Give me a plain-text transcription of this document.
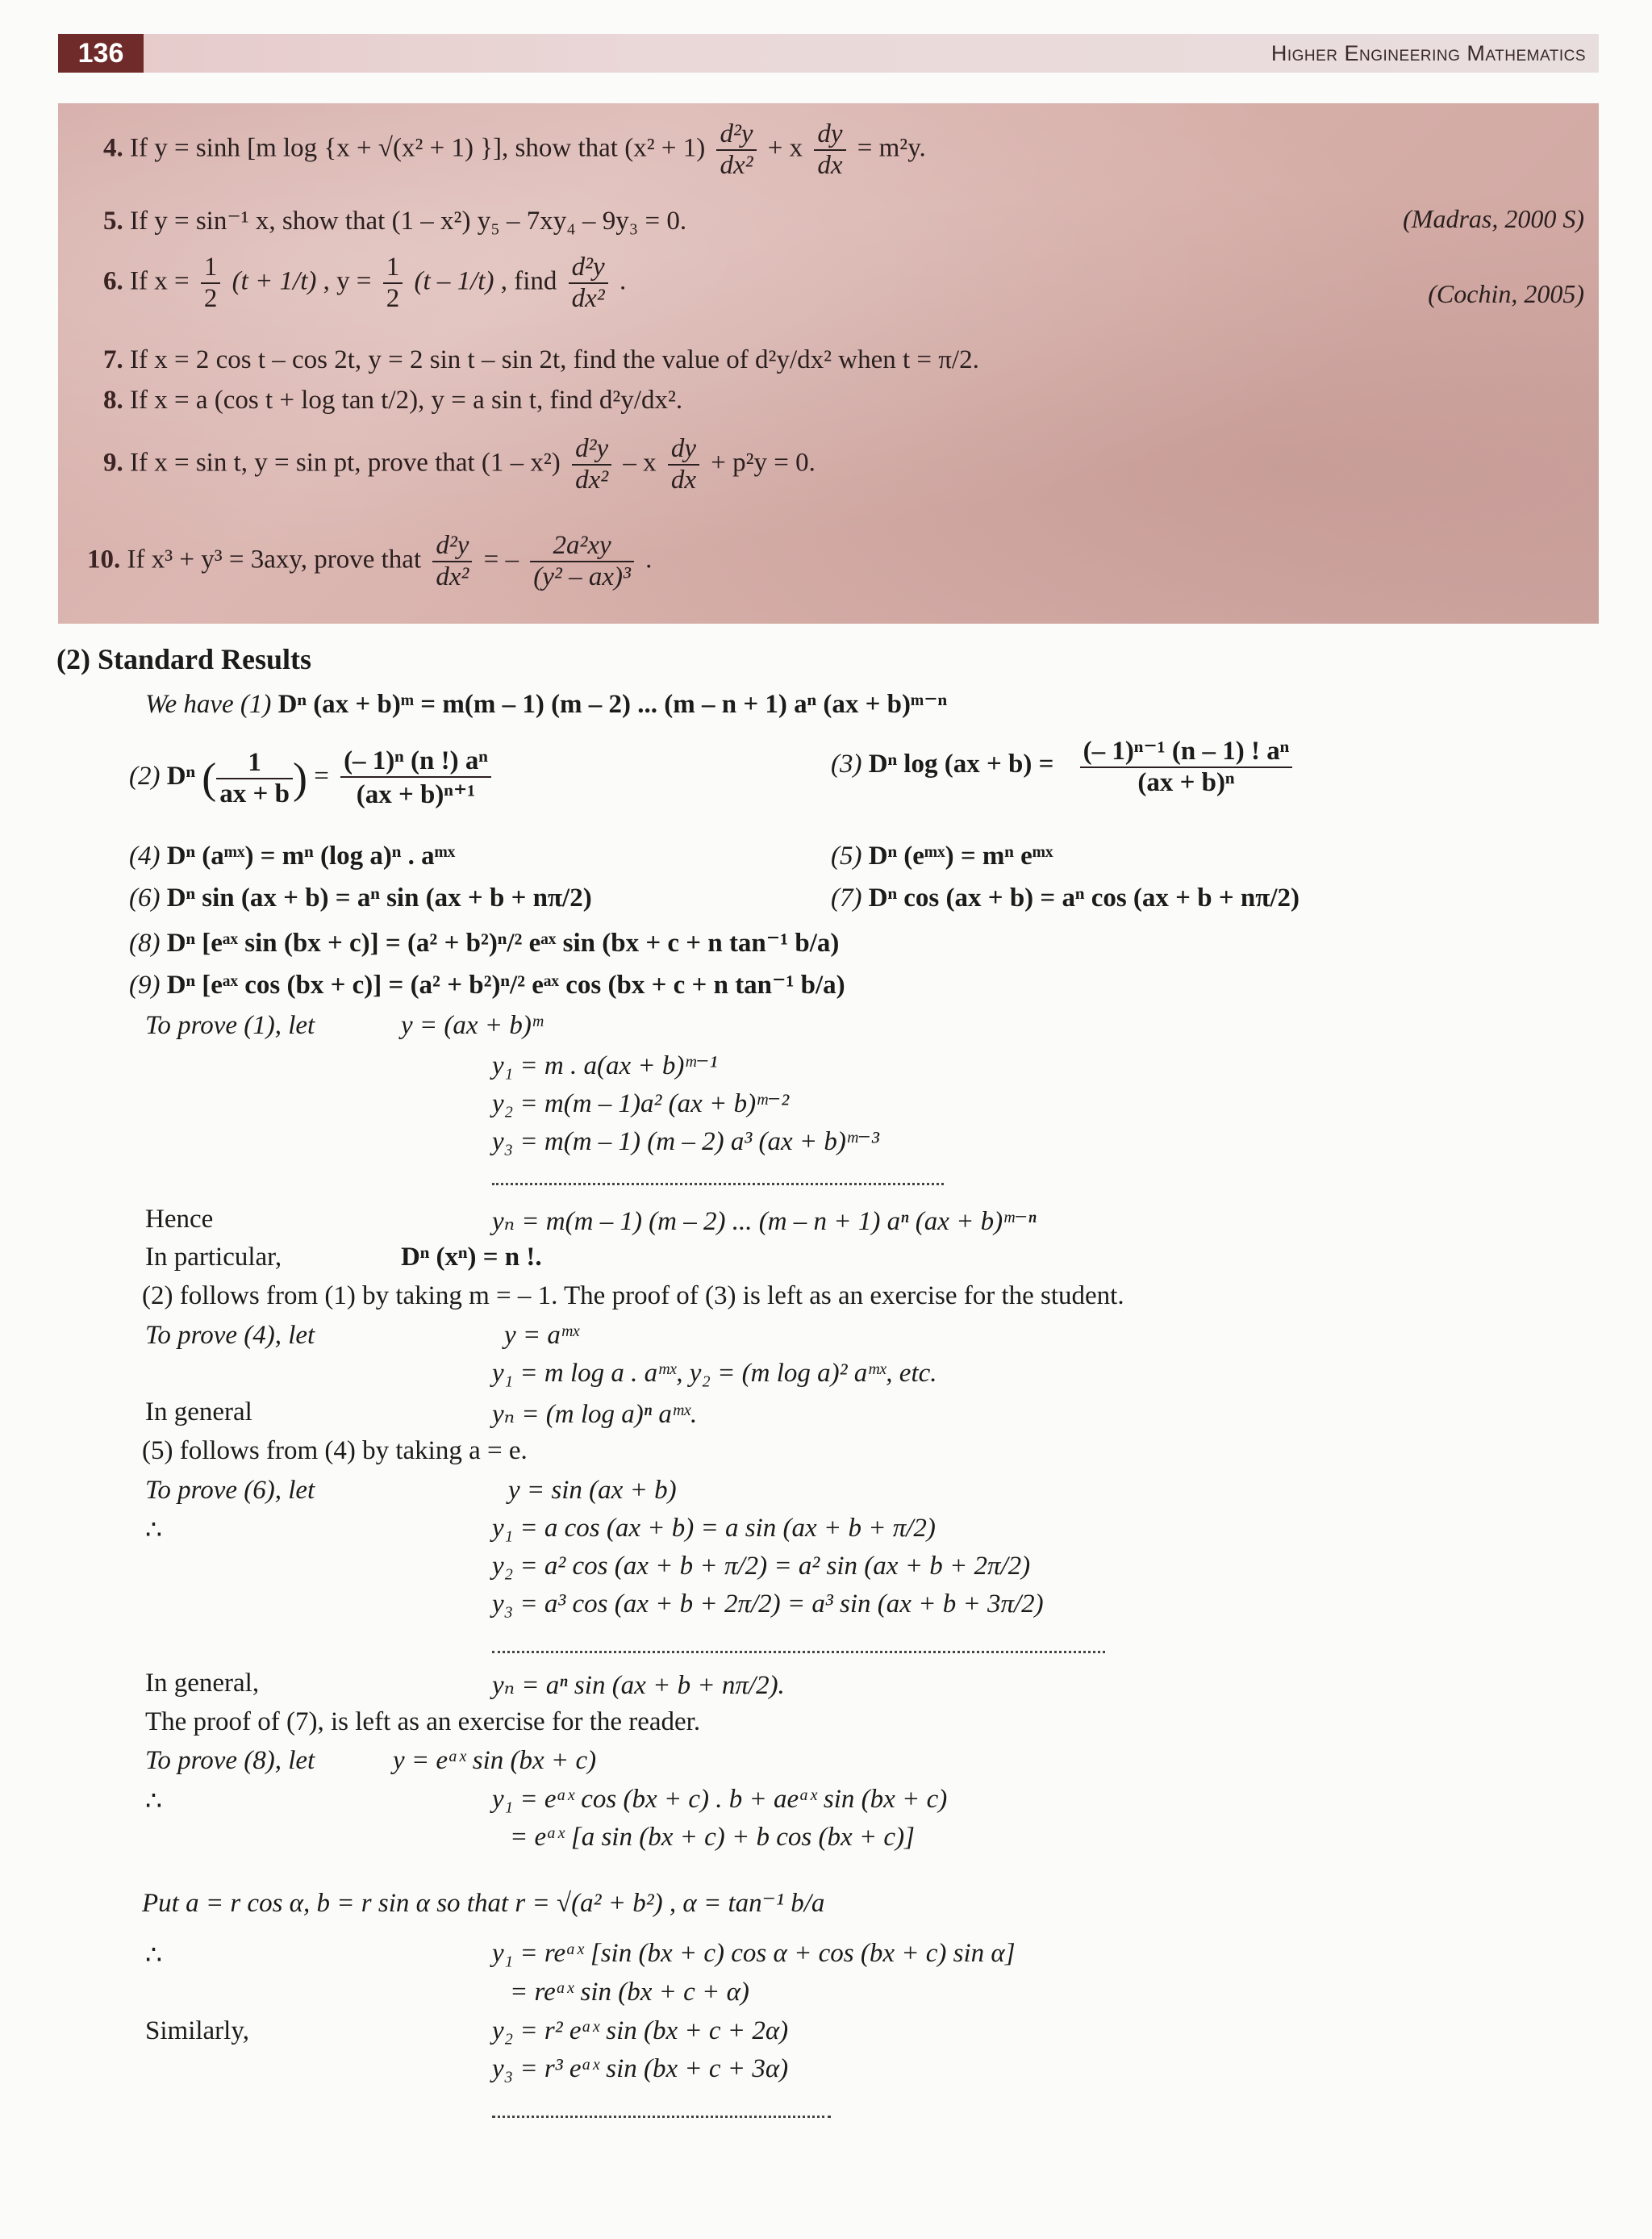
136	Higher Engineering Mathematics
4. If y = sinh [m log {x + √(x² + 1) }], show that $(x^2 + 1) \frac{\text{d²y}}{\text{dx²}} + x \frac{dy}{dx} = m^2y$.
5. If y = sin⁻¹ x, show that (1 – x²) y₅ – 7xy₄ – 9y₃ = 0.	(Madras, 2000 S)
6. If $x = \frac{1}{2} (t + 1/t)$ , $y = \frac{1}{2} (t - 1/t)$ , find $\frac{\text{d²y}}{\text{dx²}}$ .	(Cochin, 2005)
7. If x = 2 cos t – cos 2t, y = 2 sin t – sin 2t, find the value of d²y/dx² when t = π/2.
8. If x = a (cos t + log tan t/2), y = a sin t, find d²y/dx².
9. If x = sin t, y = sin pt, prove that $(1 - x^2) \frac{\text{d²y}}{\text{dx²}} - x \frac{dy}{dx} + p^2y = 0$.
10. If x³ + y³ = 3axy, prove that $\frac{\text{d²y}}{\text{dx²}}$ = – $\frac{\text{2a²xy}}{\text{(y² – ax)³}}$ .
(2) Standard Results
We have (1) Dⁿ (ax + b)ᵐ = m(m – 1) (m – 2) ... (m – n + 1) aⁿ (ax + b)ᵐ⁻ⁿ
(2) Dⁿ ( $\frac{1}{ax + b}$ ) = $\frac{\text{(– 1)ⁿ (n !) aⁿ}}{\text{(ax + b)ⁿ⁺¹}}$	(3) Dⁿ $\log (ax + b) = \frac{\text{(– 1)ⁿ⁻¹ (n – 1) ! aⁿ}}{\text{(ax + b)ⁿ}}$
(4) Dⁿ (aᵐˣ) = mⁿ (log a)ⁿ . aᵐˣ	(5) Dⁿ (eᵐˣ) = mⁿ eᵐˣ
(6) Dⁿ sin (ax + b) = aⁿ sin (ax + b + nπ/2)	(7) Dⁿ cos (ax + b) = aⁿ cos (ax + b + nπ/2)
(8) Dⁿ [eᵃˣ sin (bx + c)] = (a² + b²)ⁿ/² eᵃˣ sin (bx + c + n tan⁻¹ b/a)
(9) Dⁿ [eᵃˣ cos (bx + c)] = (a² + b²)ⁿ/² eᵃˣ cos (bx + c + n tan⁻¹ b/a)
To prove (1), let	y = (ax + b)ᵐ
y₁ = m . a(ax + b)ᵐ⁻¹
y₂ = m(m – 1)a² (ax + b)ᵐ⁻²
y₃ = m(m – 1) (m – 2) a³ (ax + b)ᵐ⁻³
Hence	yₙ = m(m – 1) (m – 2) ... (m – n + 1) aⁿ (ax + b)ᵐ⁻ⁿ
In particular,	Dⁿ (xⁿ) = n !.
(2) follows from (1) by taking m = – 1. The proof of (3) is left as an exercise for the student.
To prove (4), let	y = aᵐˣ
y₁ = m log a . aᵐˣ, y₂ = (m log a)² aᵐˣ, etc.
In general	yₙ = (m log a)ⁿ aᵐˣ.
(5) follows from (4) by taking a = e.
To prove (6), let	y = sin (ax + b)
∴	y₁ = a cos (ax + b) = a sin (ax + b + π/2)
y₂ = a² cos (ax + b + π/2) = a² sin (ax + b + 2π/2)
y₃ = a³ cos (ax + b + 2π/2) = a³ sin (ax + b + 3π/2)
In general,	yₙ = aⁿ sin (ax + b + nπ/2).
The proof of (7), is left as an exercise for the reader.
To prove (8), let	y = eᵃˣ sin (bx + c)
∴	y₁ = eᵃˣ cos (bx + c) . b + aeᵃˣ sin (bx + c)
= eᵃˣ [a sin (bx + c) + b cos (bx + c)]
Put a = r cos α, b = r sin α so that r = √(a² + b²) , α = tan⁻¹ b/a
∴	y₁ = reᵃˣ [sin (bx + c) cos α + cos (bx + c) sin α]
= reᵃˣ sin (bx + c + α)
Similarly,	y₂ = r² eᵃˣ sin (bx + c + 2α)
y₃ = r³ eᵃˣ sin (bx + c + 3α)
